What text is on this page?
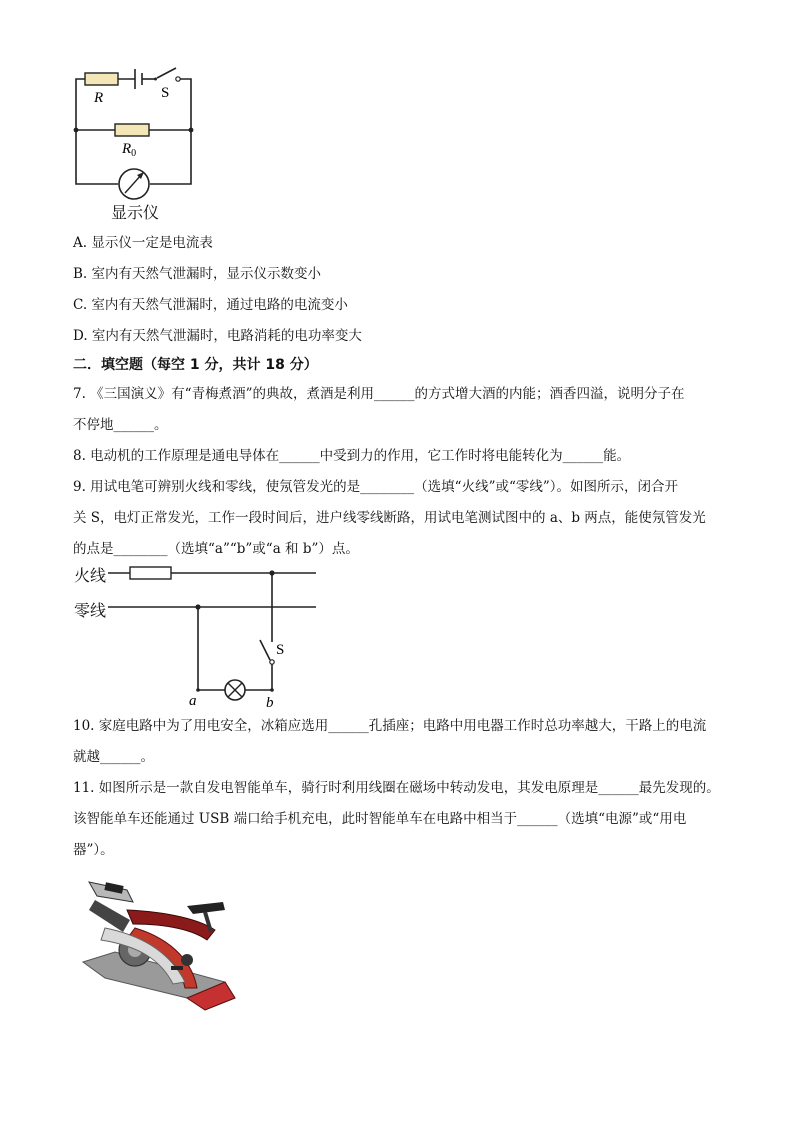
R	S
$R_0$
显示仪
A. 显示仪一定是电流表
B. 室内有天然气泄漏时，显示仪示数变小
C. 室内有天然气泄漏时，通过电路的电流变小
D. 室内有天然气泄漏时，电路消耗的电功率变大
二．填空题（每空 1 分，共计 18 分）
7. 《三国演义》有“青梅煮酒”的典故，煮酒是利用______的方式增大酒的内能；酒香四溢，说明分子在
不停地______。
8. 电动机的工作原理是通电导体在______中受到力的作用，它工作时将电能转化为______能。
9. 用试电笔可辨别火线和零线，使氖管发光的是________（选填“火线”或“零线”）。如图所示，闭合开
关 S，电灯正常发光，工作一段时间后，进户线零线断路，用试电笔测试图中的 a、b 两点，能使氖管发光
的点是________（选填“a”“b”或“a 和 b”）点。
火线
零线
S
a	b
10. 家庭电路中为了用电安全，冰箱应选用______孔插座；电路中用电器工作时总功率越大，干路上的电流
就越______。
11. 如图所示是一款自发电智能单车，骑行时利用线圈在磁场中转动发电，其发电原理是______最先发现的。
该智能单车还能通过 USB 端口给手机充电，此时智能单车在电路中相当于______（选填“电源”或“用电
器”）。
